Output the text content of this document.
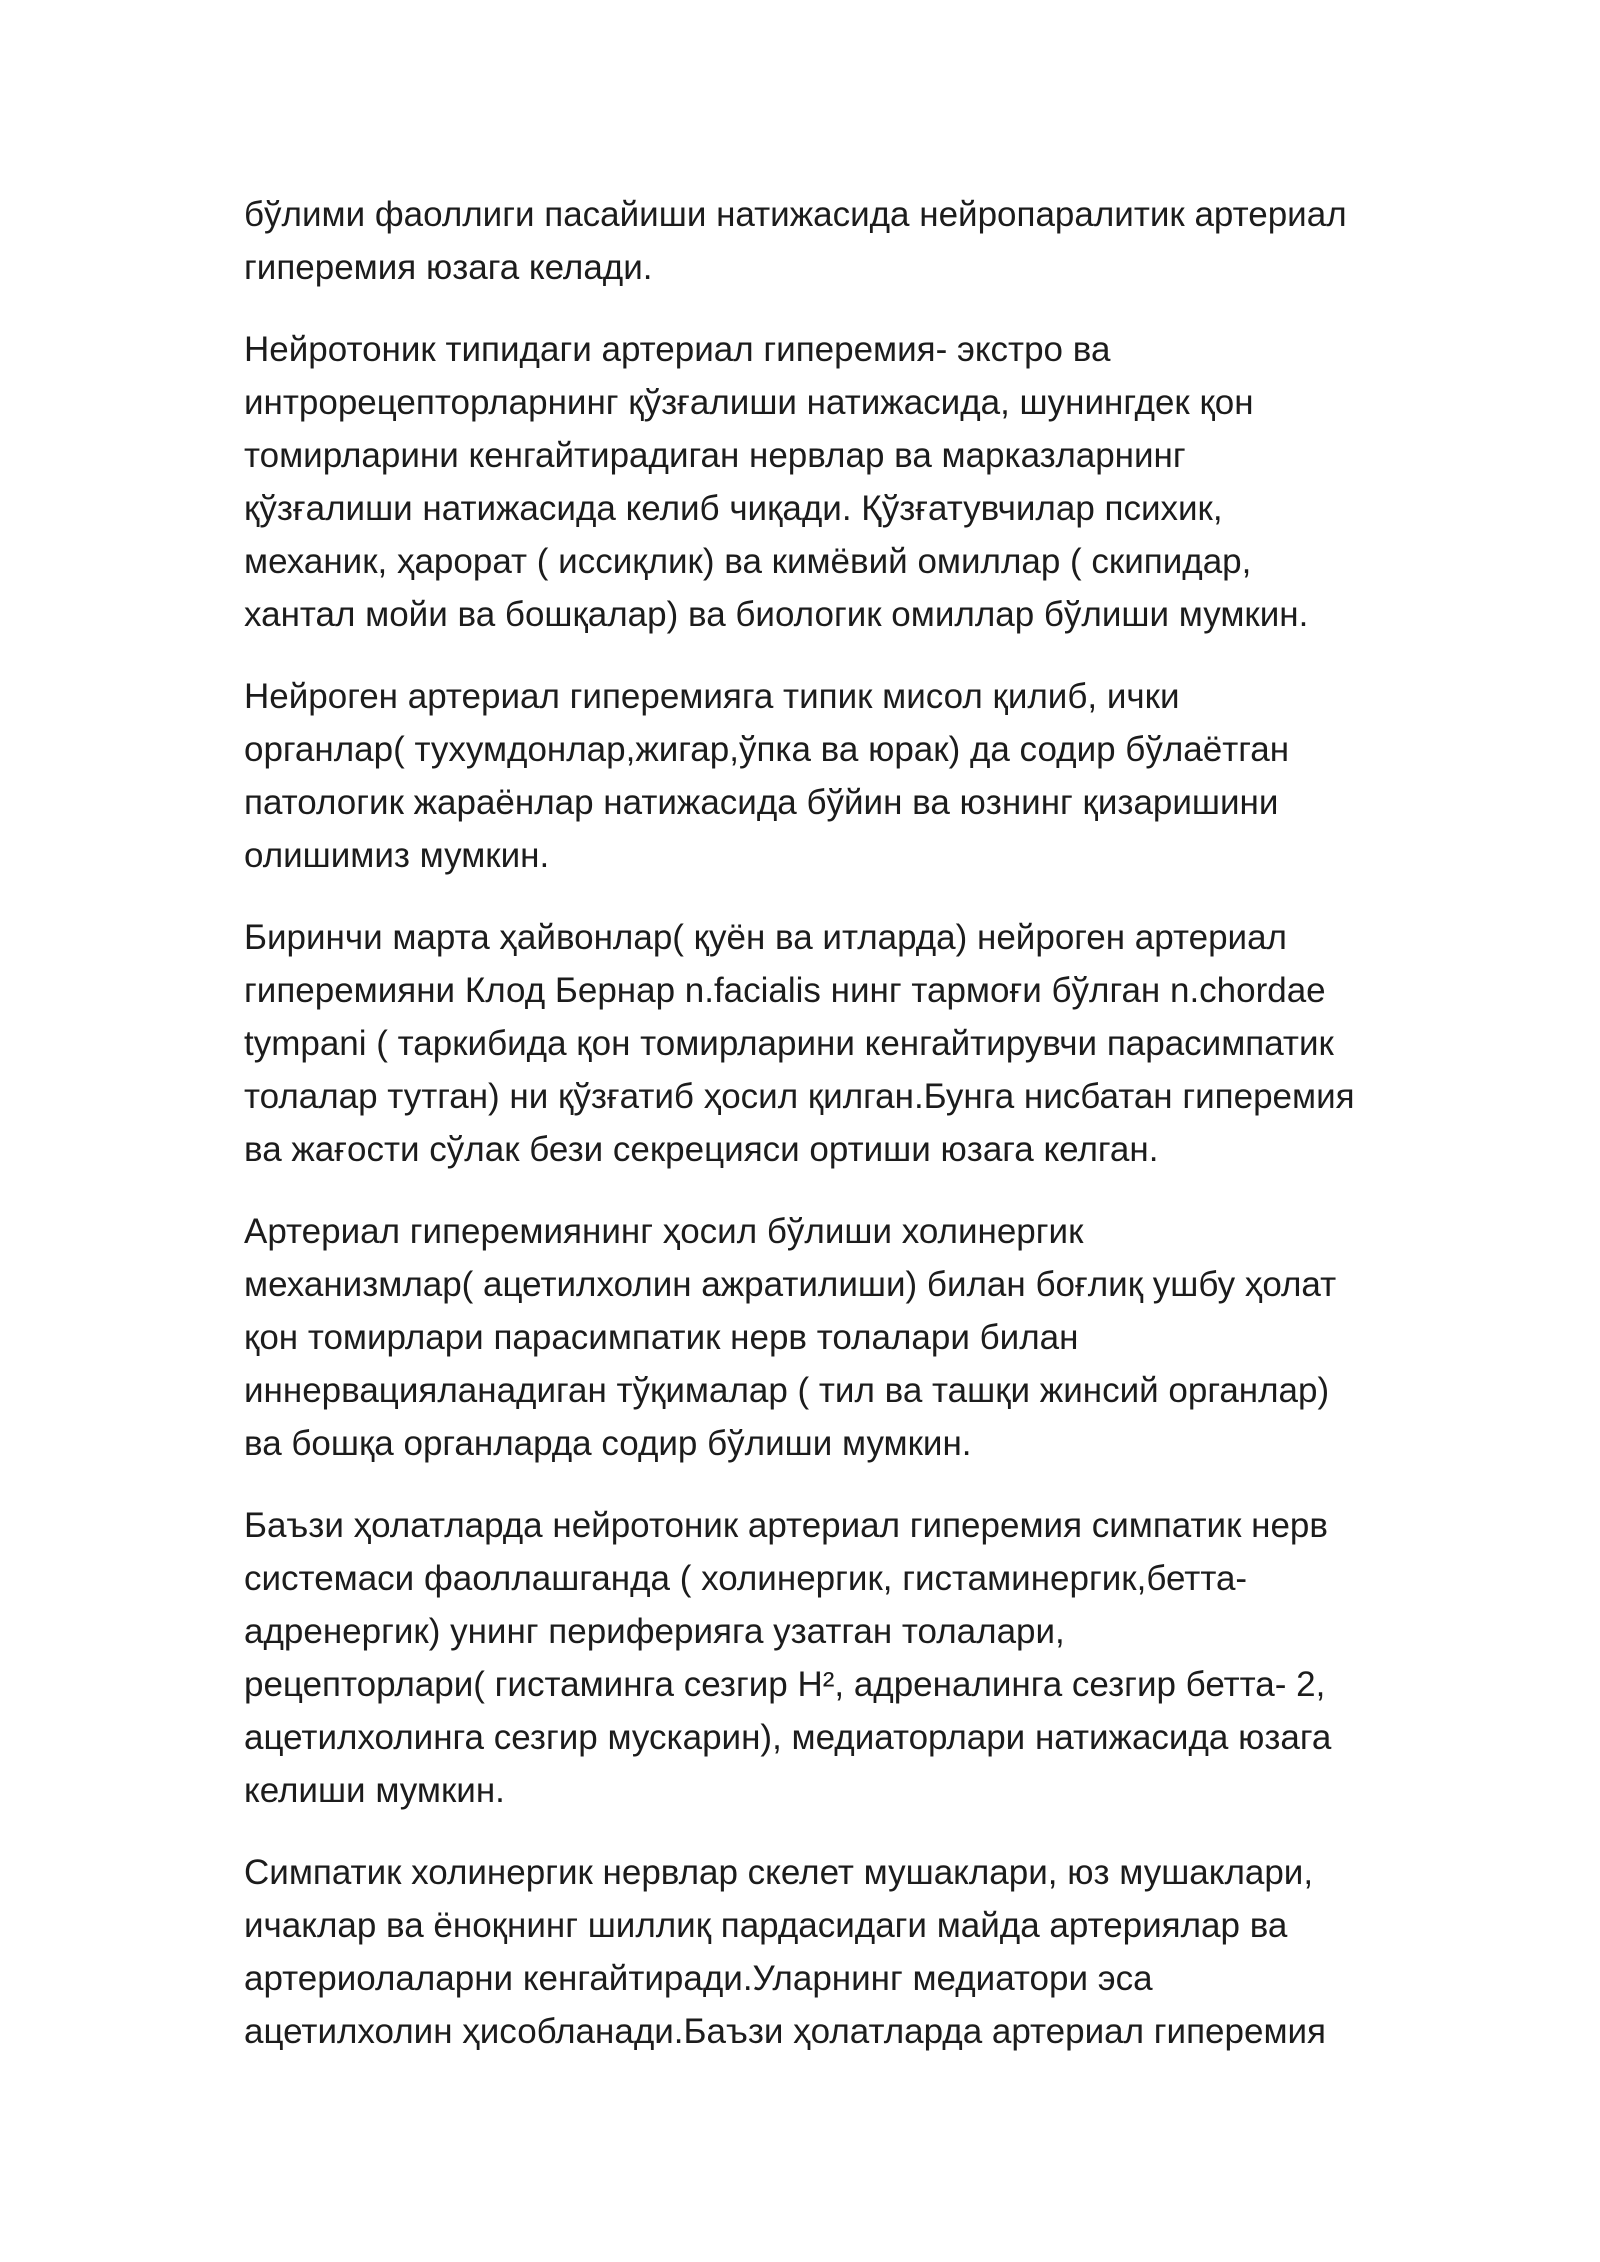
бўлими фаоллиги пасайиши натижасида нейропаралитик артериал
гиперемия юзага келади.

Нейротоник типидаги артериал гиперемия- экстро ва
интрорецепторларнинг қўзғалиши натижасида, шунингдек қон
томирларини кенгайтирадиган нервлар ва марказларнинг
қўзғалиши натижасида келиб чиқади. Қўзғатувчилар психик,
механик, ҳарорат ( иссиқлик) ва кимёвий омиллар ( скипидар,
хантал мойи ва бошқалар) ва биологик омиллар бўлиши мумкин.

Нейроген артериал гиперемияга типик мисол қилиб, ички
органлар( тухумдонлар,жигар,ўпка ва юрак) да содир бўлаётган
патологик жараёнлар натижасида бўйин ва юзнинг қизаришини
олишимиз мумкин.

Биринчи марта ҳайвонлар( қуён ва итларда) нейроген артериал
гиперемияни Клод Бернар n.facialis нинг тармоғи бўлган n.chordae
tympani ( таркибида қон томирларини кенгайтирувчи парасимпатик
толалар тутган) ни қўзғатиб ҳосил қилган.Бунга нисбатан гиперемия
ва жағости сўлак бези секрецияси ортиши юзага келган.

Артериал гиперемиянинг ҳосил бўлиши холинергик
механизмлар( ацетилхолин ажратилиши) билан боғлиқ ушбу ҳолат
қон томирлари парасимпатик нерв толалари билан
иннервацияланадиган тўқималар ( тил ва ташқи жинсий органлар)
ва бошқа органларда содир бўлиши мумкин.

Баъзи ҳолатларда нейротоник артериал гиперемия симпатик нерв
системаси фаоллашганда ( холинергик, гистаминергик,бетта-
адренергик) унинг периферияга узатган толалари,
рецепторлари( гистаминга сезгир H², адреналинга сезгир бетта- 2,
ацетилхолинга сезгир мускарин), медиаторлари натижасида юзага
келиши мумкин.

Симпатик холинергик нервлар скелет мушаклари, юз мушаклари,
ичаклар ва ёноқнинг шиллиқ пардасидаги майда артериялар ва
артериолаларни кенгайтиради.Уларнинг медиатори эса
ацетилхолин ҳисобланади.Баъзи ҳолатларда артериал гиперемия
